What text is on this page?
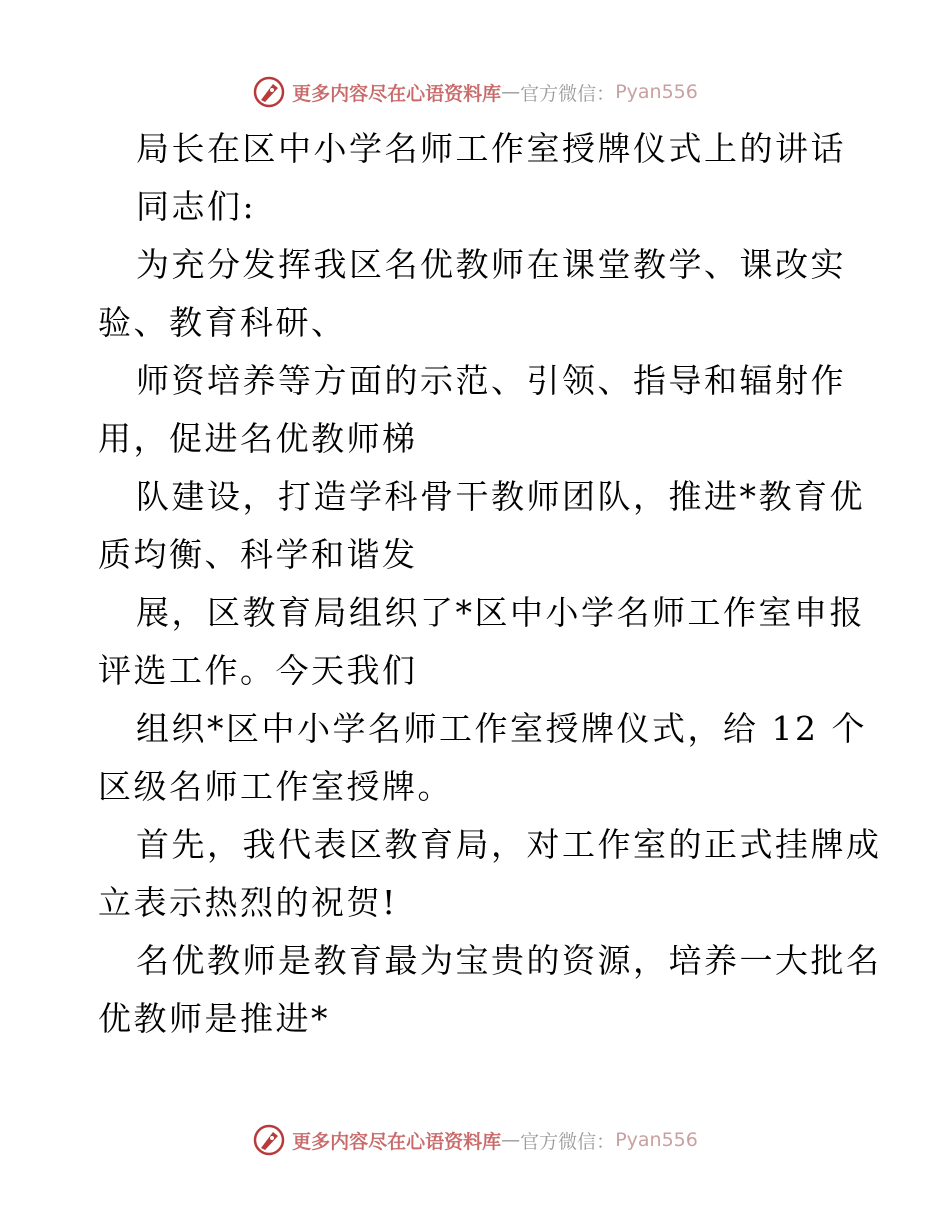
更多内容尽在心语资料库 — 官方微信： Pyan556
局长在区中小学名师工作室授牌仪式上的讲话
同志们:
为充分发挥我区名优教师在课堂教学、课改实
验、教育科研、
师资培养等方面的示范、引领、指导和辐射作
用，促进名优教师梯
队建设，打造学科骨干教师团队，推进*教育优
质均衡、科学和谐发
展，区教育局组织了*区中小学名师工作室申报
评选工作。今天我们
组织*区中小学名师工作室授牌仪式，给 12 个
区级名师工作室授牌。
首先，我代表区教育局，对工作室的正式挂牌成
立表示热烈的祝贺!
名优教师是教育最为宝贵的资源，培养一大批名
优教师是推进*
更多内容尽在心语资料库 — 官方微信： Pyan556
